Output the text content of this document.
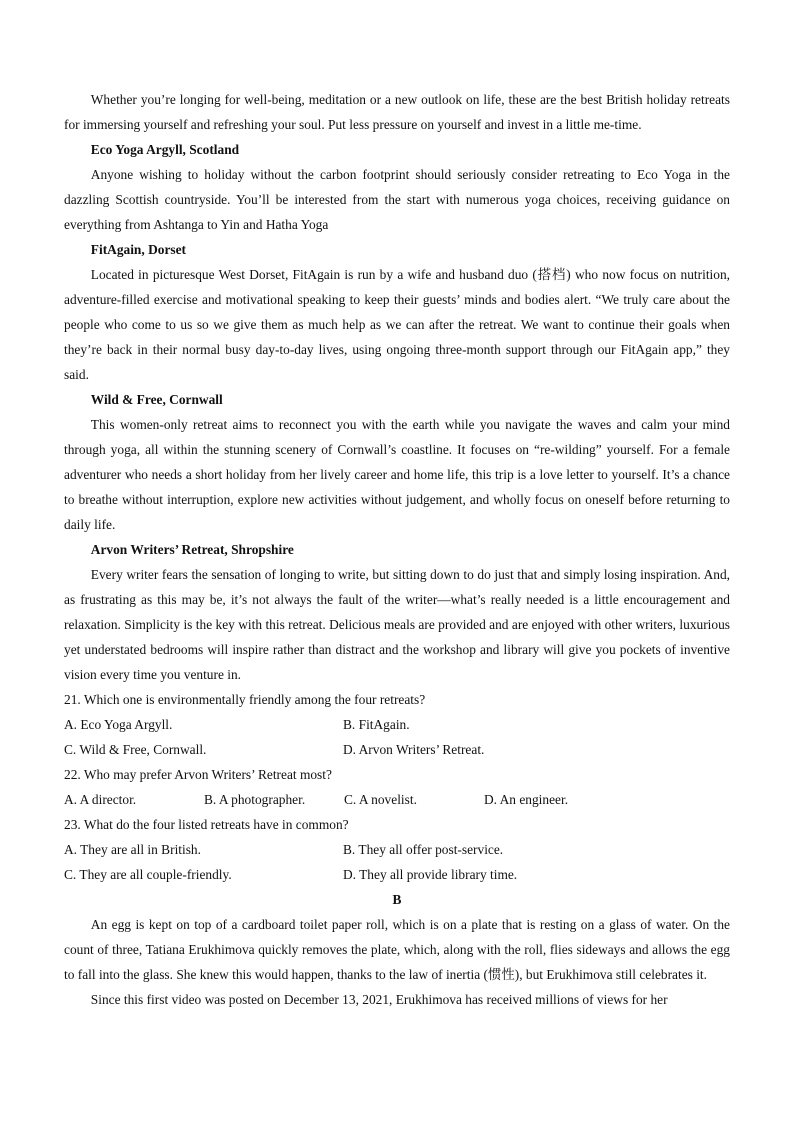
Whether you’re longing for well-being, meditation or a new outlook on life, these are the best British holiday retreats for immersing yourself and refreshing your soul. Put less pressure on yourself and invest in a little me-time.

Eco Yoga Argyll, Scotland

Anyone wishing to holiday without the carbon footprint should seriously consider retreating to Eco Yoga in the dazzling Scottish countryside. You’ll be interested from the start with numerous yoga choices, receiving guidance on everything from Ashtanga to Yin and Hatha Yoga

FitAgain, Dorset

Located in picturesque West Dorset, FitAgain is run by a wife and husband duo (搭档) who now focus on nutrition, adventure-filled exercise and motivational speaking to keep their guests’ minds and bodies alert. “We truly care about the people who come to us so we give them as much help as we can after the retreat. We want to continue their goals when they’re back in their normal busy day-to-day lives, using ongoing three-month support through our FitAgain app,” they said.

Wild & Free, Cornwall

This women-only retreat aims to reconnect you with the earth while you navigate the waves and calm your mind through yoga, all within the stunning scenery of Cornwall’s coastline. It focuses on “re-wilding” yourself. For a female adventurer who needs a short holiday from her lively career and home life, this trip is a love letter to yourself. It’s a chance to breathe without interruption, explore new activities without judgement, and wholly focus on oneself before returning to daily life.

Arvon Writers’ Retreat, Shropshire

Every writer fears the sensation of longing to write, but sitting down to do just that and simply losing inspiration. And, as frustrating as this may be, it’s not always the fault of the writer—what’s really needed is a little encouragement and relaxation. Simplicity is the key with this retreat. Delicious meals are provided and are enjoyed with other writers, luxurious yet understated bedrooms will inspire rather than distract and the workshop and library will give you pockets of inventive vision every time you venture in.

21. Which one is environmentally friendly among the four retreats?

A. Eco Yoga Argyll.	B. FitAgain.
C. Wild & Free, Cornwall.	D. Arvon Writers’ Retreat.

22. Who may prefer Arvon Writers’ Retreat most?

A. A director.	B. A photographer.	C. A novelist.	D. An engineer.

23. What do the four listed retreats have in common?

A. They are all in British.	B. They all offer post-service.
C. They are all couple-friendly.	D. They all provide library time.

B

An egg is kept on top of a cardboard toilet paper roll, which is on a plate that is resting on a glass of water. On the count of three, Tatiana Erukhimova quickly removes the plate, which, along with the roll, flies sideways and allows the egg to fall into the glass. She knew this would happen, thanks to the law of inertia (惯性), but Erukhimova still celebrates it.

Since this first video was posted on December 13, 2021, Erukhimova has received millions of views for her
